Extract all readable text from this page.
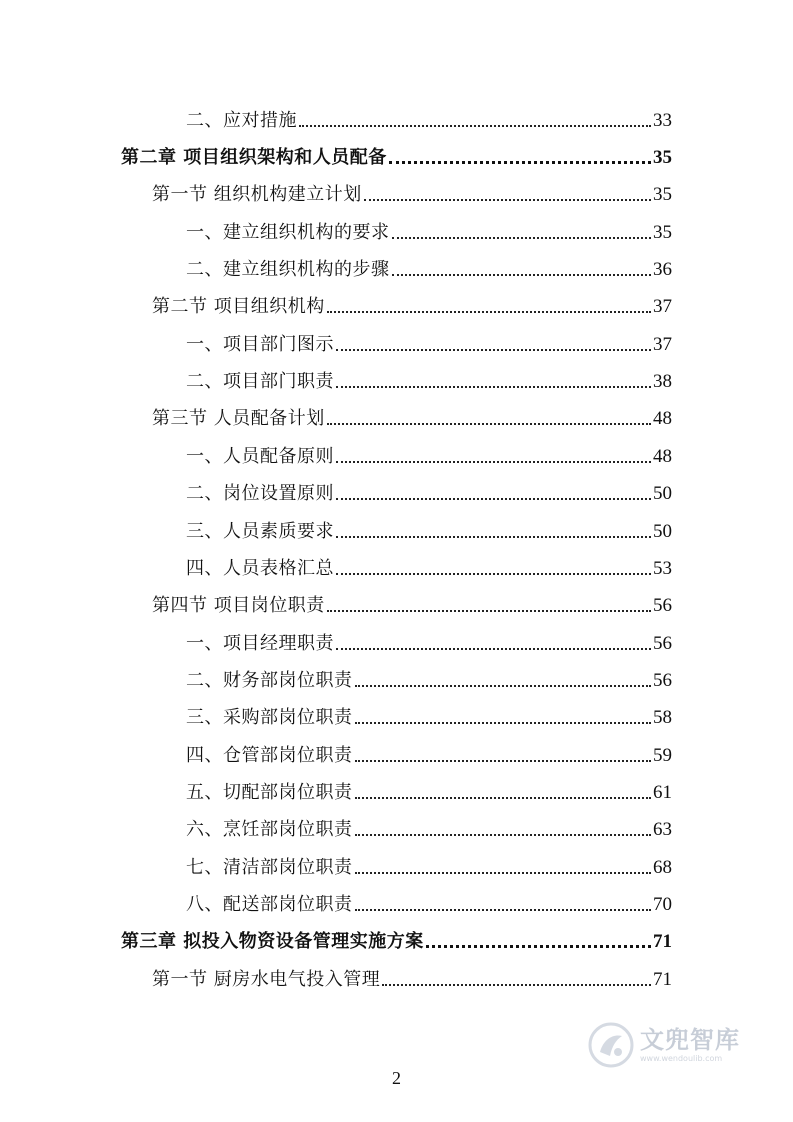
二、应对措施	33
第二章 项目组织架构和人员配备	35
第一节 组织机构建立计划	35
一、建立组织机构的要求	35
二、建立组织机构的步骤	36
第二节 项目组织机构	37
一、项目部门图示	37
二、项目部门职责	38
第三节 人员配备计划	48
一、人员配备原则	48
二、岗位设置原则	50
三、人员素质要求	50
四、人员表格汇总	53
第四节 项目岗位职责	56
一、项目经理职责	56
二、财务部岗位职责	56
三、采购部岗位职责	58
四、仓管部岗位职责	59
五、切配部岗位职责	61
六、烹饪部岗位职责	63
七、清洁部岗位职责	68
八、配送部岗位职责	70
第三章 拟投入物资设备管理实施方案	71
第一节 厨房水电气投入管理	71
文兜智库
www.wendoulib.com
2
